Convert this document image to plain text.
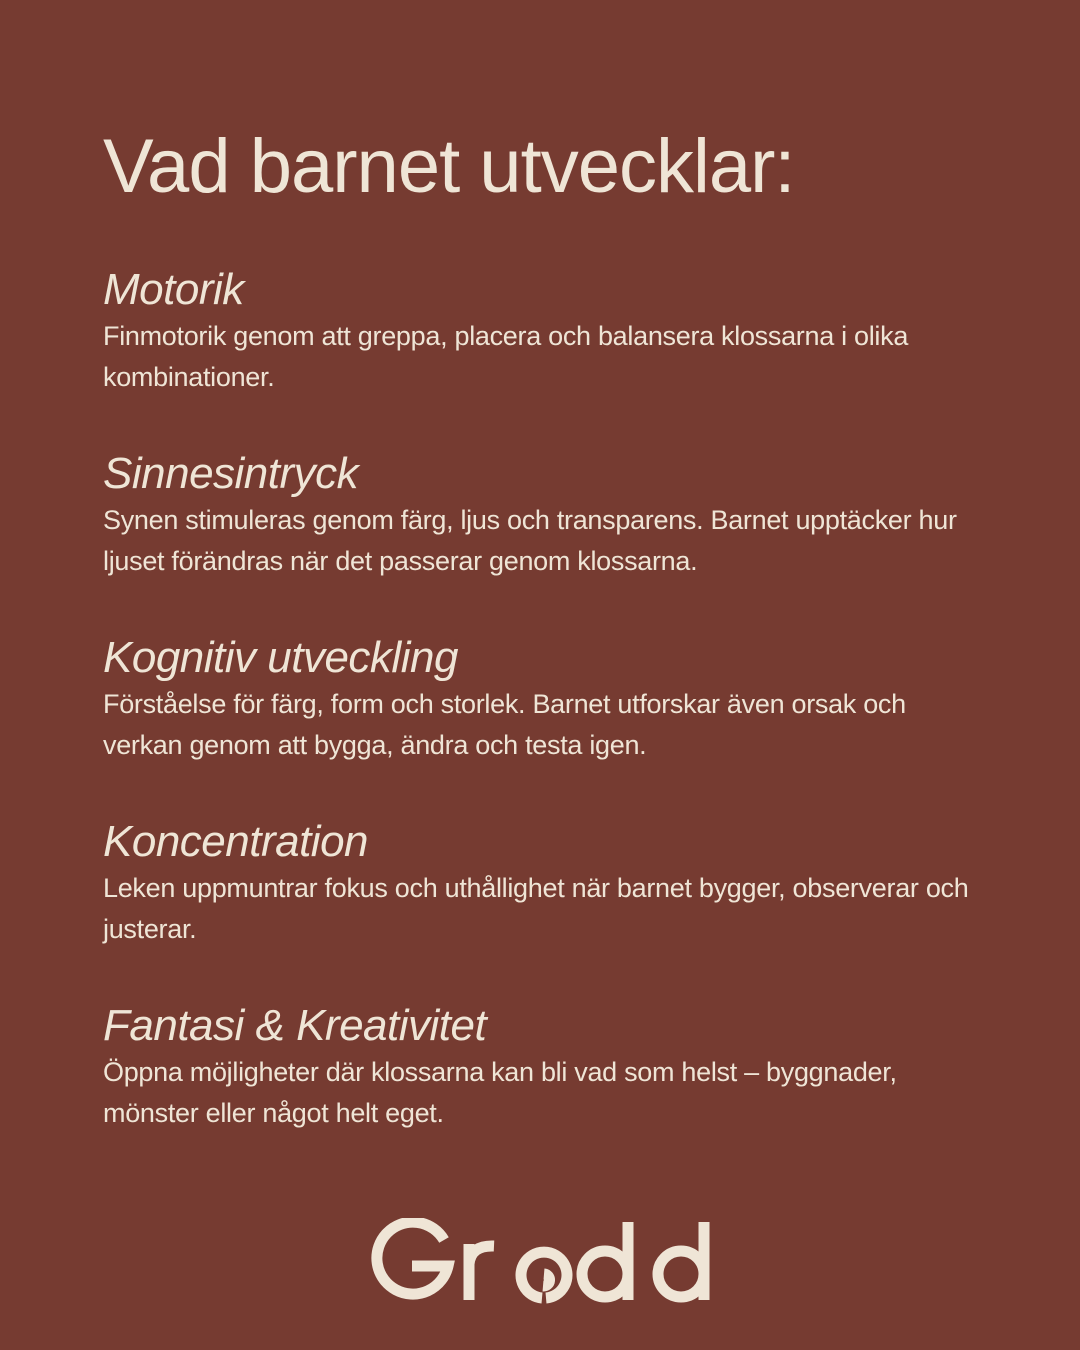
Vad barnet utvecklar:
Motorik

Finmotorik genom att greppa, placera och balansera klossarna i olika kombinationer.

Sinnesintryck

Synen stimuleras genom färg, ljus och transparens. Barnet upptäcker hur ljuset förändras när det passerar genom klossarna.

Kognitiv utveckling

Förståelse för färg, form och storlek. Barnet utforskar även orsak och verkan genom att bygga, ändra och testa igen.

Koncentration

Leken uppmuntrar fokus och uthållighet när barnet bygger, observerar och justerar.

Fantasi & Kreativitet

Öppna möjligheter där klossarna kan bli vad som helst – byggnader, mönster eller något helt eget.
